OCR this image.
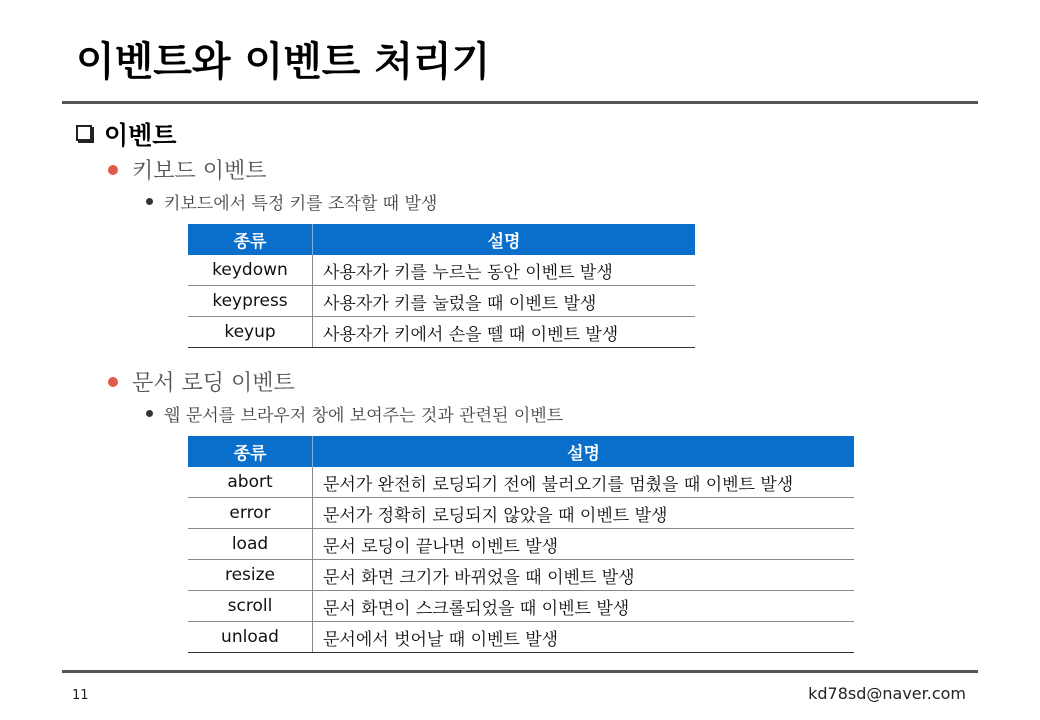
이벤트와 이벤트 처리기
이벤트
키보드 이벤트
키보드에서 특정 키를 조작할 때 발생
종류	설명
keydown	사용자가 키를 누르는 동안 이벤트 발생
keypress	사용자가 키를 눌렀을 때 이벤트 발생
keyup	사용자가 키에서 손을 뗄 때 이벤트 발생
문서 로딩 이벤트
웹 문서를 브라우저 창에 보여주는 것과 관련된 이벤트
종류	설명
abort	문서가 완전히 로딩되기 전에 불러오기를 멈췄을 때 이벤트 발생
error	문서가 정확히 로딩되지 않았을 때 이벤트 발생
load	문서 로딩이 끝나면 이벤트 발생
resize	문서 화면 크기가 바뀌었을 때 이벤트 발생
scroll	문서 화면이 스크롤되었을 때 이벤트 발생
unload	문서에서 벗어날 때 이벤트 발생
11	kd78sd@naver.com
